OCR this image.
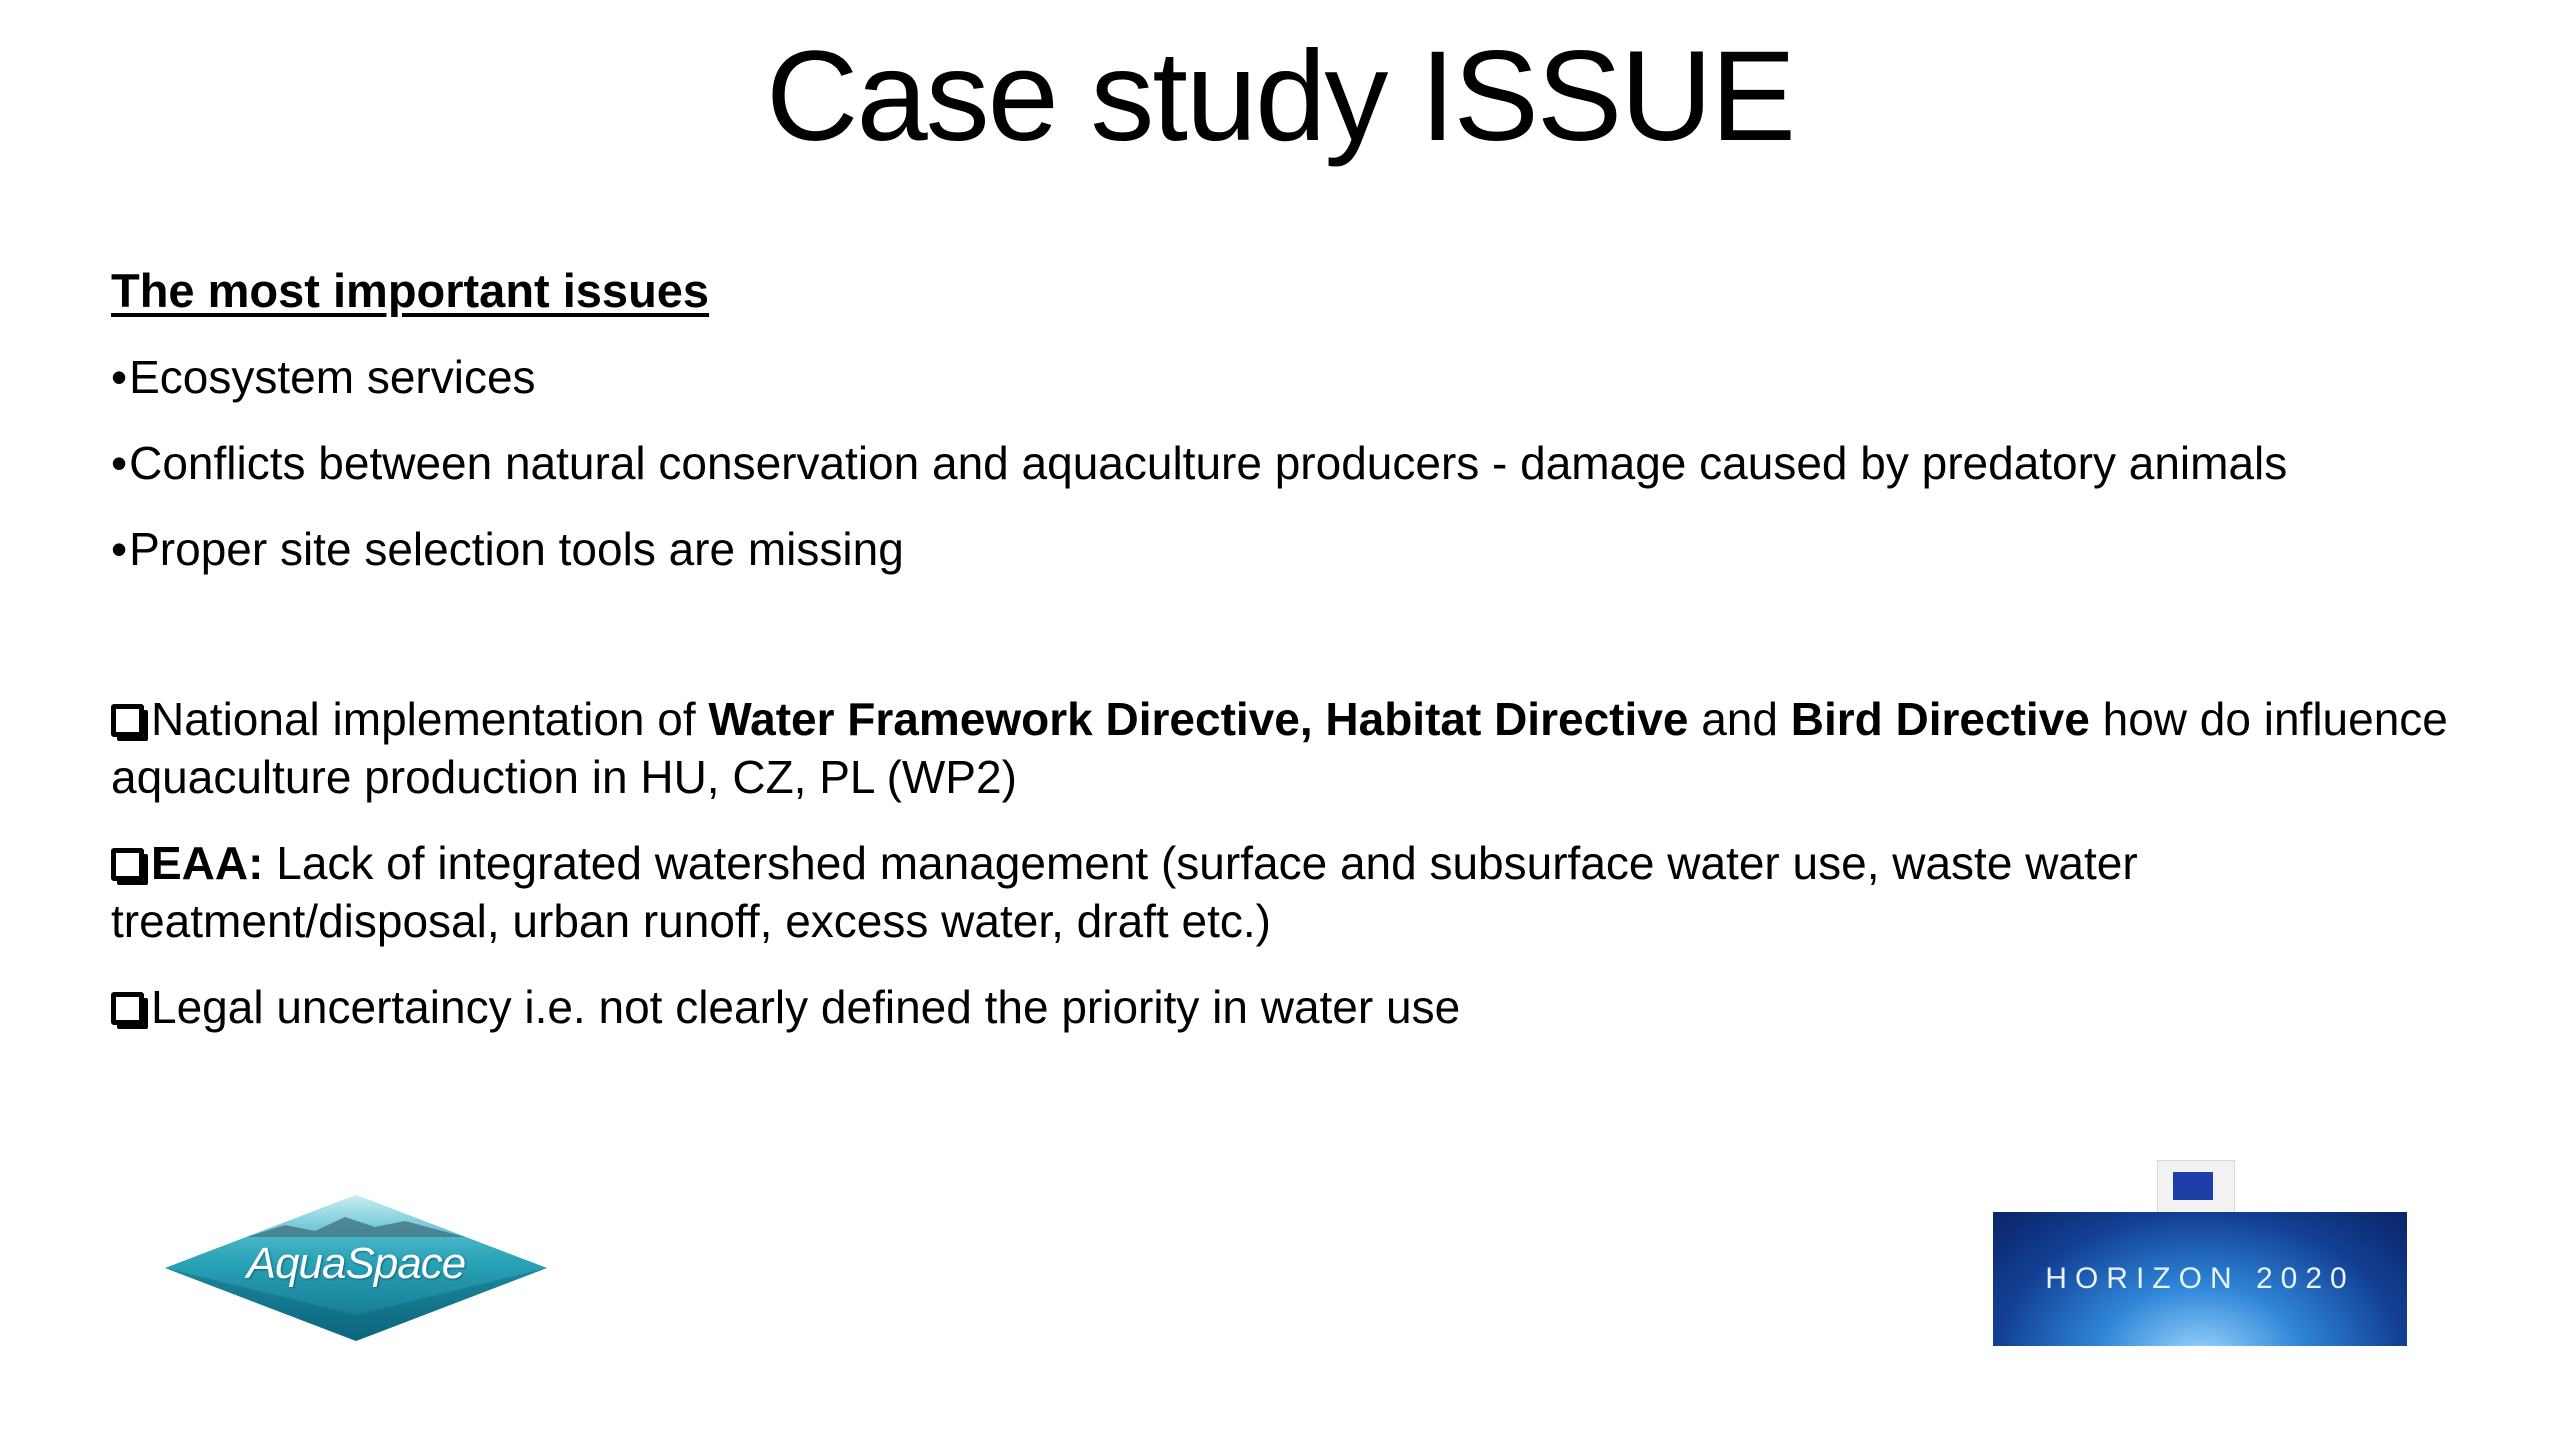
Case study ISSUE
The most important issues
•Ecosystem services
•Conflicts between natural conservation and aquaculture producers - damage caused by predatory animals
•Proper site selection tools are missing
National implementation of Water Framework Directive, Habitat Directive and Bird Directive how do influence aquaculture production in HU, CZ, PL (WP2)
EAA: Lack of integrated watershed management (surface and subsurface water use, waste water treatment/disposal, urban runoff, excess water, draft etc.)
Legal uncertaincy i.e. not clearly defined the priority in water use
AquaSpace	HORIZON 2020
